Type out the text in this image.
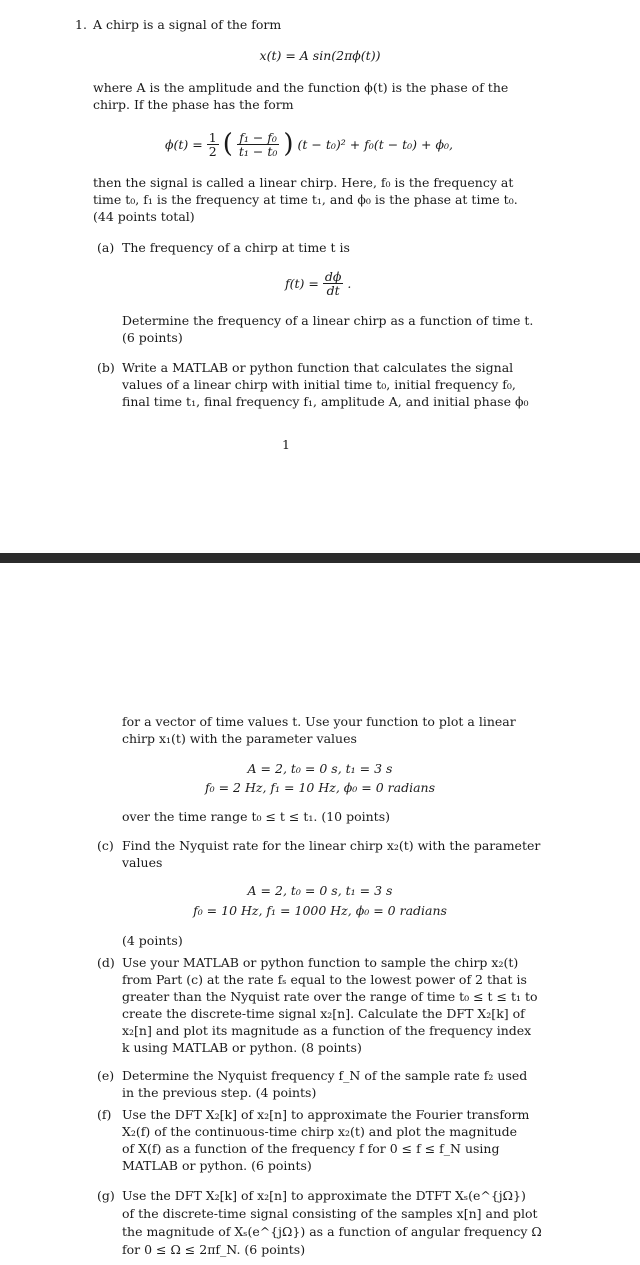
1. A chirp is a signal of the form
x(t) = A sin(2πϕ(t))
where A is the amplitude and the function ϕ(t) is the phase of the
chirp. If the phase has the form
$\phi(t) = \frac{1}{2}$ ( $\frac{\text{f₁ − f₀}}{\text{t₁ − t₀}}$ ) (t − t₀)² + f₀(t − t₀) + ϕ₀,
then the signal is called a linear chirp. Here, f₀ is the frequency at
time t₀, f₁ is the frequency at time t₁, and ϕ₀ is the phase at time t₀.
(44 points total)
(a) The frequency of a chirp at time t is
$f(t) = \frac{d\phi}{dt}$ .
Determine the frequency of a linear chirp as a function of time t.
(6 points)
(b) Write a MATLAB or python function that calculates the signal
values of a linear chirp with initial time t₀, initial frequency f₀,
final time t₁, final frequency f₁, amplitude A, and initial phase ϕ₀
1
for a vector of time values t. Use your function to plot a linear
chirp x₁(t) with the parameter values
A = 2, t₀ = 0 s, t₁ = 3 s
f₀ = 2 Hz, f₁ = 10 Hz, ϕ₀ = 0 radians
over the time range t₀ ≤ t ≤ t₁. (10 points)
(c) Find the Nyquist rate for the linear chirp x₂(t) with the parameter
values
A = 2, t₀ = 0 s, t₁ = 3 s
f₀ = 10 Hz, f₁ = 1000 Hz, ϕ₀ = 0 radians
(4 points)
(d) Use your MATLAB or python function to sample the chirp x₂(t)
from Part (c) at the rate fₛ equal to the lowest power of 2 that is
greater than the Nyquist rate over the range of time t₀ ≤ t ≤ t₁ to
create the discrete-time signal x₂[n]. Calculate the DFT X₂[k] of
x₂[n] and plot its magnitude as a function of the frequency index
k using MATLAB or python. (8 points)
(e) Determine the Nyquist frequency f_N of the sample rate f₂ used
in the previous step. (4 points)
(f) Use the DFT X₂[k] of x₂[n] to approximate the Fourier transform
X₂(f) of the continuous-time chirp x₂(t) and plot the magnitude
of X(f) as a function of the frequency f for 0 ≤ f ≤ f_N using
MATLAB or python. (6 points)
(g) Use the DFT X₂[k] of x₂[n] to approximate the DTFT Xₛ(e^{jΩ})
of the discrete-time signal consisting of the samples x[n] and plot
the magnitude of Xₛ(e^{jΩ}) as a function of angular frequency Ω
for 0 ≤ Ω ≤ 2πf_N. (6 points)
